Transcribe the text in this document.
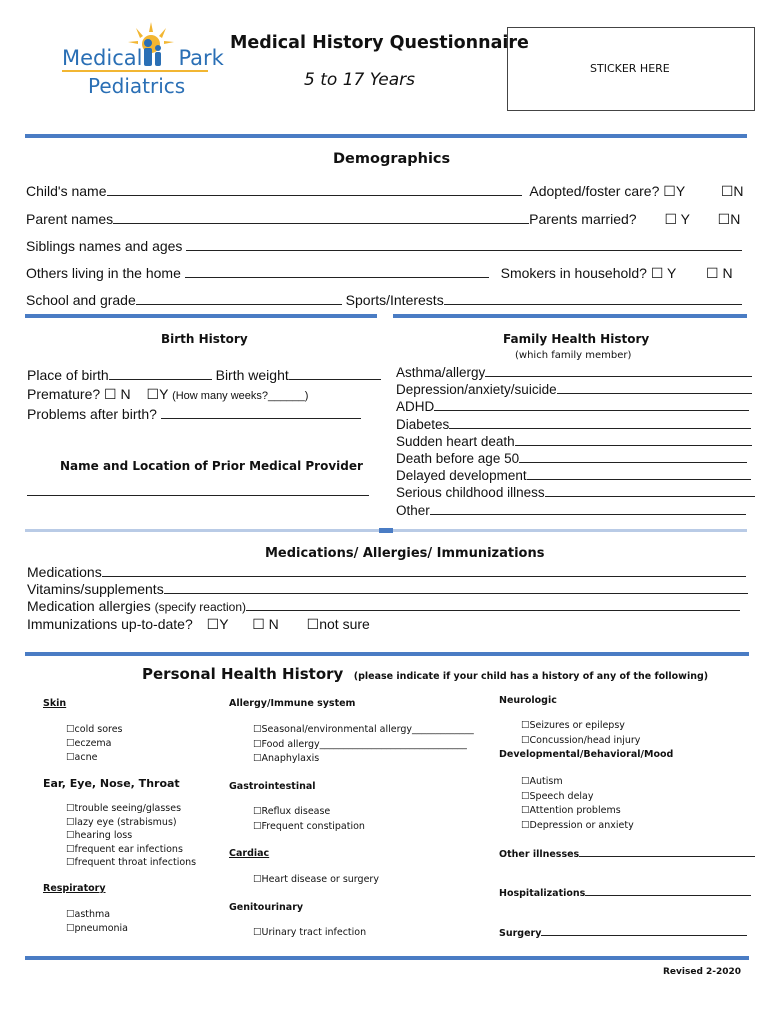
Medical Park
Pediatrics
Medical History Questionnaire
5 to 17 Years
STICKER HERE
Demographics
Child's name	Adopted/foster care? ☐Y	☐N
Parent names	Parents married? ☐ Y ☐N
Siblings names and ages
Others living in the home	Smokers in household? ☐ Y ☐ N
School and grade	Sports/Interests
Birth History
Place of birth	Birth weight
Premature? ☐ N ☐Y (How many weeks?______)
Problems after birth?
Name and Location of Prior Medical Provider
Family Health History
(which family member)
Asthma/allergy
Depression/anxiety/suicide
ADHD
Diabetes
Sudden heart death
Death before age 50
Delayed development
Serious childhood illness
Other
Medications/ Allergies/ Immunizations
Medications
Vitamins/supplements
Medication allergies (specify reaction)
Immunizations up-to-date? ☐Y ☐ N ☐not sure
Personal Health History (please indicate if your child has a history of any of the following)
Skin
☐cold sores
☐eczema
☐acne
Ear, Eye, Nose, Throat
☐trouble seeing/glasses
☐lazy eye (strabismus)
☐hearing loss
☐frequent ear infections
☐frequent throat infections
Respiratory
☐asthma
☐pneumonia
Allergy/Immune system
☐Seasonal/environmental allergy_____________
☐Food allergy_______________________________
☐Anaphylaxis
Gastrointestinal
☐Reflux disease
☐Frequent constipation
Cardiac
☐Heart disease or surgery
Genitourinary
☐Urinary tract infection
Neurologic
☐Seizures or epilepsy
☐Concussion/head injury
Developmental/Behavioral/Mood
☐Autism
☐Speech delay
☐Attention problems
☐Depression or anxiety
Other illnesses
Hospitalizations
Surgery
Revised 2-2020
